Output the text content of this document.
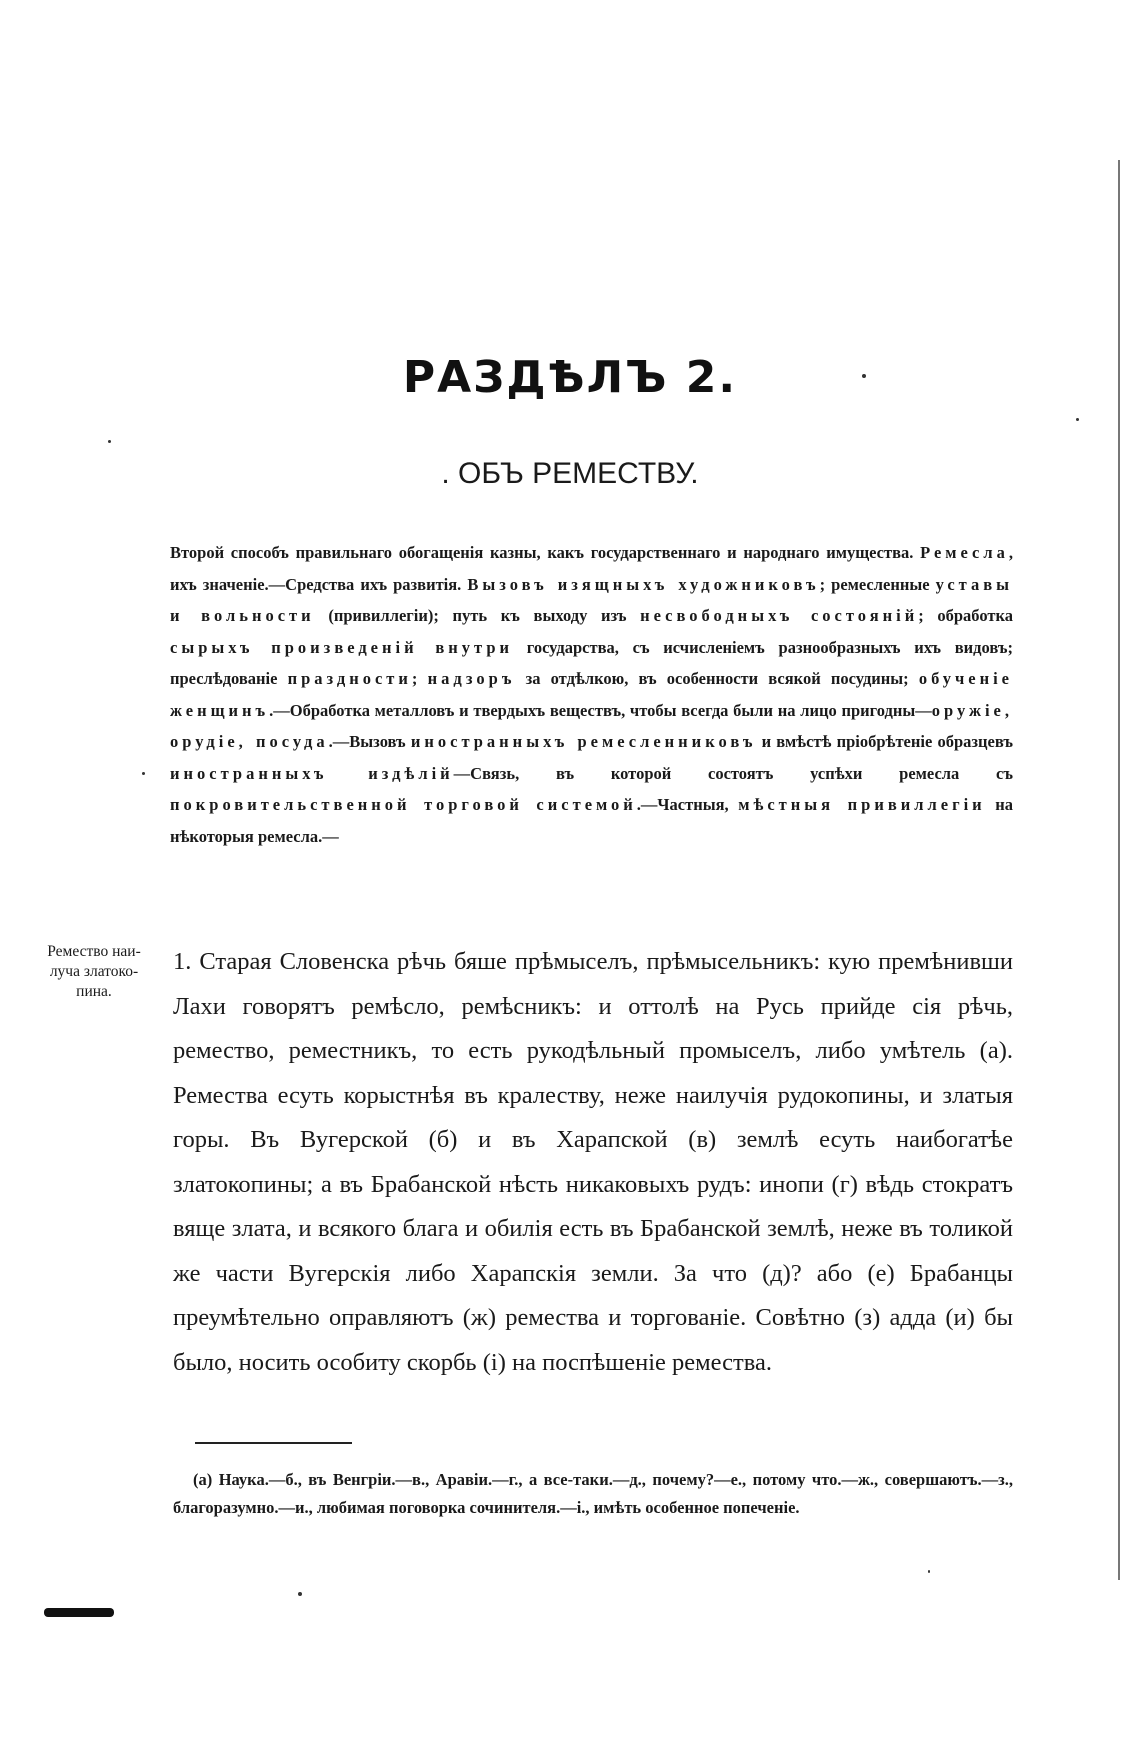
РАЗДѢЛЪ 2.
. ОБЪ РЕМЕСТВУ.
Второй способъ правильнаго обогащенія казны, какъ государственнаго и народнаго имущества. Ремесла, ихъ значеніе.—Средства ихъ развитія. Вызовъ изящныхъ художниковъ; ремесленные уставы и вольности (привиллегіи); путь къ выходу изъ несвободныхъ состояній; обработка сырыхъ произведеній внутри государства, съ исчисленіемъ разнообразныхъ ихъ видовъ; преслѣдованіе праздности; надзоръ за отдѣлкою, въ особенности всякой посудины; обученіе женщинъ.—Обработка металловъ и твердыхъ веществъ, чтобы всегда были на лицо пригодны—оружіе, орудіе, посуда.—Вызовъ иностранныхъ ремесленниковъ и вмѣстѣ пріобрѣтеніе образцевъ иностранныхъ издѣлій—Связь, въ которой состоятъ успѣхи ремесла съ покровительственной торговой системой.—Частныя, мѣстныя привиллегіи на нѣкоторыя ремесла.—
Ремество наи-
луча златоко-
пина.
1. Старая Словенска рѣчь бяше прѣмыселъ, прѣмысельникъ: кую премѣнивши Лахи говорятъ ремѣсло, ремѣсникъ: и оттолѣ на Русь прийде сія рѣчь, ремество, реместникъ, то есть рукодѣльный промыселъ, либо умѣтель (а). Ремества есуть корыстнѣя въ кралеству, неже наилучія рудокопины, и златыя горы. Въ Вугерской (б) и въ Харапской (в) землѣ есуть наибогатѣе златокопины; а въ Брабанской нѣсть никаковыхъ рудъ: инопи (г) вѣдь стократъ вяще злата, и всякого блага и обилія есть въ Брабанской землѣ, неже въ толикой же части Вугерскія либо Харапскія земли. За что (д)? або (е) Брабанцы преумѣтельно оправляютъ (ж) ремества и торгованіе. Совѣтно (з) адда (и) бы было, носить особиту скорбь (і) на поспѣшеніе ремества.
(а) Наука.—б., въ Венгріи.—в., Аравіи.—г., а все-таки.—д., почему?—е., потому что.—ж., совершаютъ.—з., благоразумно.—и., любимая поговорка сочинителя.—і., имѣть особенное попеченіе.
